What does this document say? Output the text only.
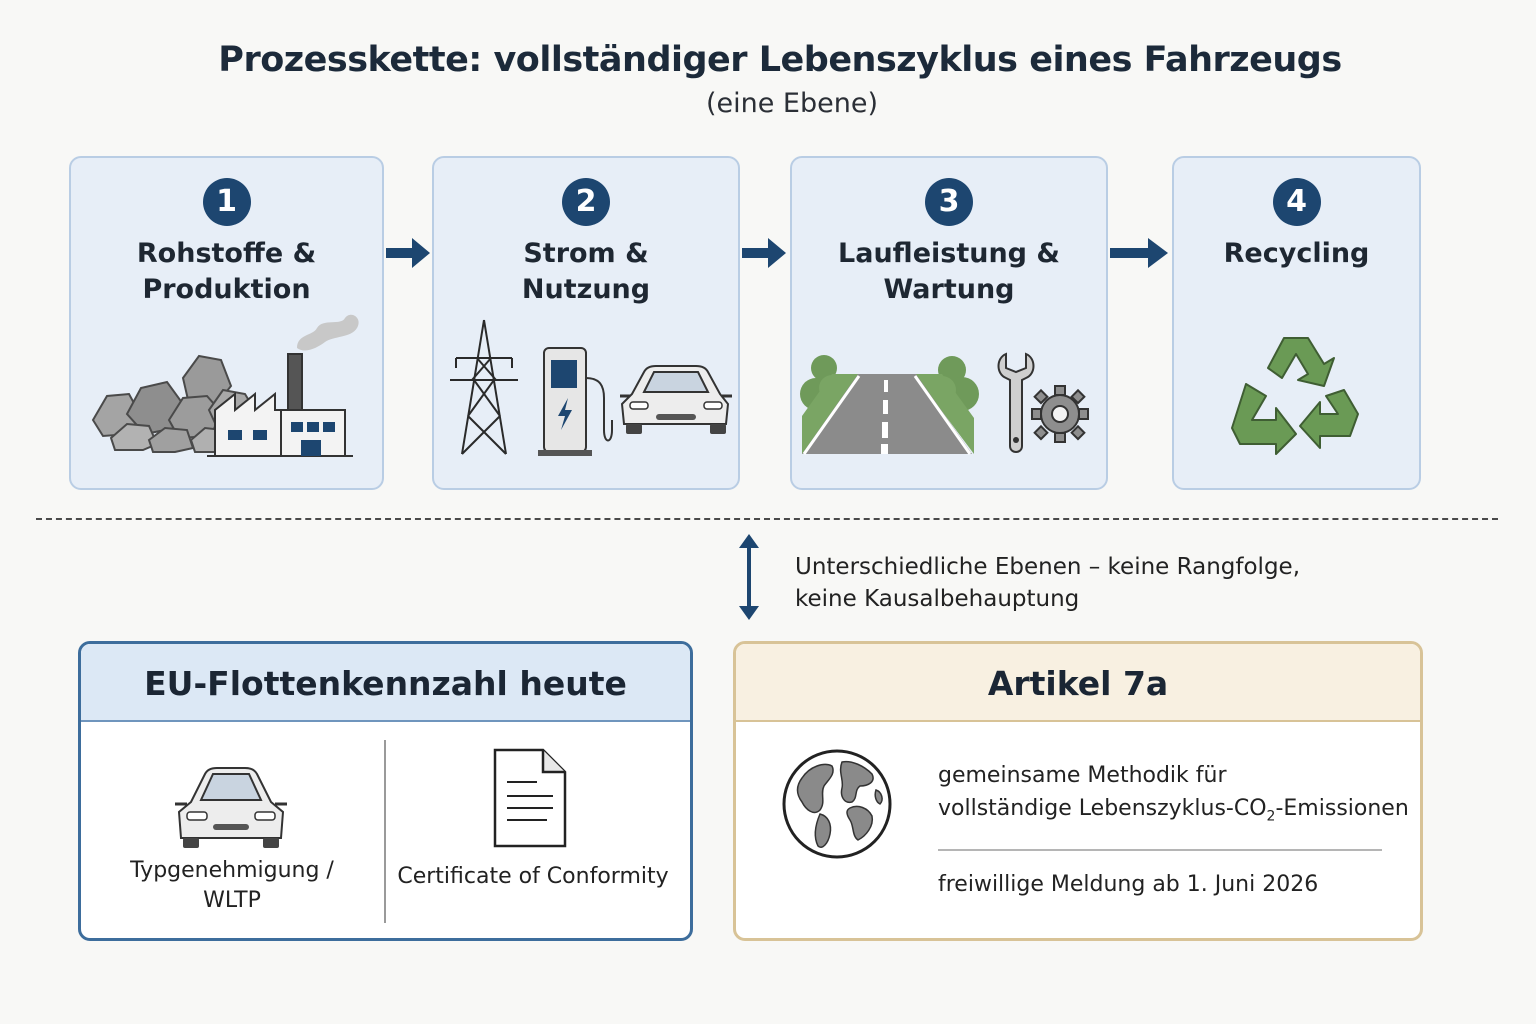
Prozesskette: vollständiger Lebenszyklus eines Fahrzeugs
(eine Ebene)
1
Rohstoffe &
Produktion
2
Strom &
Nutzung
3
Laufleistung &
Wartung
4
Recycling
Unterschiedliche Ebenen – keine Rangfolge,
keine Kausalbehauptung
EU-Flottenkennzahl heute
Typgenehmigung /
WLTP
Certificate of Conformity
Artikel 7a
gemeinsame Methodik für
vollständige Lebenszyklus-$CO_2$-Emissionen
freiwillige Meldung ab 1. Juni 2026
